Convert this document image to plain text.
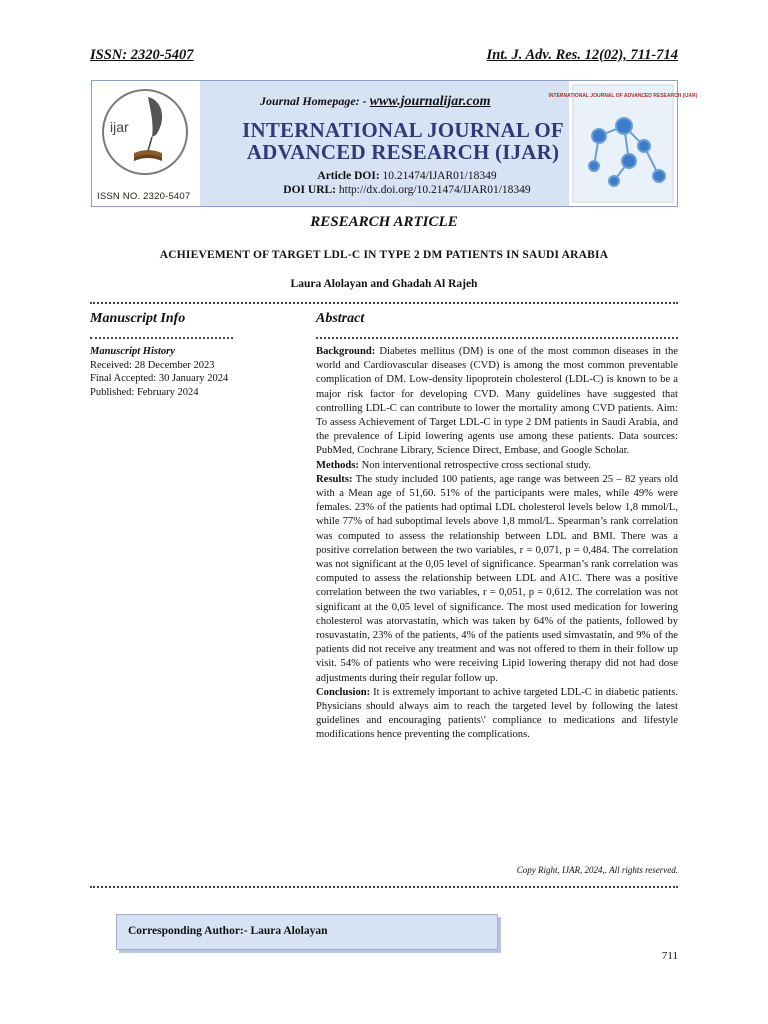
ISSN: 2320-5407	Int. J. Adv. Res. 12(02), 711-714
ijar
ISSN NO. 2320-5407
Journal Homepage: - www.journalijar.com
INTERNATIONAL JOURNAL OF
ADVANCED RESEARCH (IJAR)
Article DOI: 10.21474/IJAR01/18349
DOI URL: http://dx.doi.org/10.21474/IJAR01/18349
INTERNATIONAL JOURNAL OF ADVANCED RESEARCH (IJAR)
RESEARCH ARTICLE
ACHIEVEMENT OF TARGET LDL-C IN TYPE 2 DM PATIENTS IN SAUDI ARABIA
Laura Alolayan and Ghadah Al Rajeh
Manuscript Info	Abstract
Manuscript History
Received: 28 December 2023
Final Accepted: 30 January 2024
Published: February 2024

Background: Diabetes mellitus (DM) is one of the most common diseases in the world and Cardiovascular diseases (CVD) is among the most common preventable complication of DM. Low-density lipoprotein cholesterol (LDL-C) is known to be a major risk factor for developing CVD. Many guidelines have suggested that controlling LDL-C can contribute to lower the mortality among CVD patients. Aim: To assess Achievement of Target LDL-C in type 2 DM patients in Saudi Arabia, and the prevalence of Lipid lowering agents use among these patients. Data sources: PubMed, Cochrane Library, Science Direct, Embase, and Google Scholar.

Methods: Non interventional retrospective cross sectional study.

Results: The study included 100 patients, age range was between 25 – 82 years old with a Mean age of 51,60. 51% of the participants were males, while 49% were females. 23% of the patients had optimal LDL cholesterol levels below 1,8 mmol/L, while 77% of had suboptimal levels above 1,8 mmol/L. Spearman’s rank correlation was computed to assess the relationship between LDL and BMI. There was a positive correlation between the two variables, r = 0,071, p = 0,484. The correlation was not significant at the 0,05 level of significance. Spearman’s rank correlation was computed to assess the relationship between LDL and A1C. There was a positive correlation between the two variables, r = 0,051, p = 0,612. The correlation was not significant at the 0,05 level of significance. The most used medication for lowering cholesterol was atorvastatin, which was taken by 64% of the patients, followed by rosuvastatin, 23% of the patients, 4% of the patients used simvastatin, and 9% of the patients did not receive any treatment and was not offered to them in their follow up visit. 54% of patients who were receiving Lipid lowering therapy did not had dose adjustments during their regular follow up.

Conclusion: It is extremely important to achive targeted LDL-C in diabetic patients. Physicians should always aim to reach the targeted level by following the latest guidelines and encouraging patients\' compliance to medications and lifestyle modifications hence preventing the complications.

Copy Right, IJAR, 2024,. All rights reserved.
Corresponding Author:- Laura Alolayan
711
